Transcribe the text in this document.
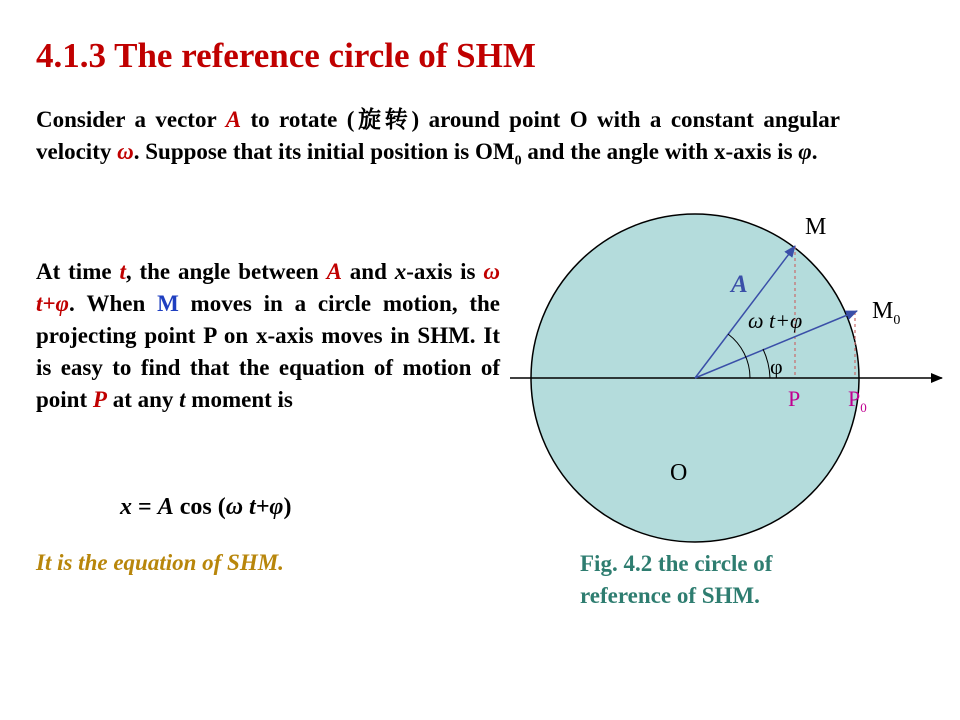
4.1.3 The reference circle of SHM
Consider a vector A to rotate (旋转) around point O with a constant angular velocity ω. Suppose that its initial position is $OM_0$ and the angle with x-axis is φ.
At time t, the angle between A and x-axis is ω t+φ. When M moves in a circle motion, the projecting point P on x-axis moves in SHM. It is easy to find that the equation of motion of point P at any t moment is
x = A cos (ω t+φ)
It is the equation of SHM.	Fig. 4.2 the circle of reference of SHM.
M
$M_0$
A
ω t+φ
φ
P $P_0$
O
